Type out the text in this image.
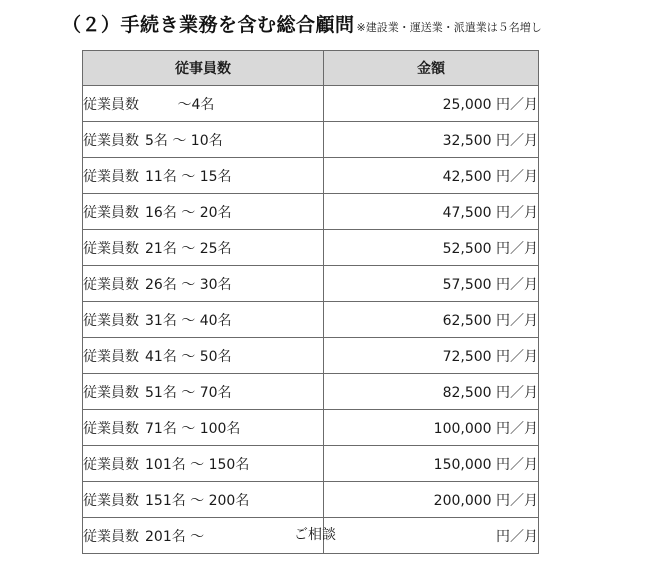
（２）手続き業務を含む総合顧問 ※建設業・運送業・派遣業は５名増し
従事員数	金額
従業員数　　 ～4名	25,000 円／月
従業員数 5名 ～ 10名	32,500 円／月
従業員数 11名 ～ 15名	42,500 円／月
従業員数 16名 ～ 20名	47,500 円／月
従業員数 21名 ～ 25名	52,500 円／月
従業員数 26名 ～ 30名	57,500 円／月
従業員数 31名 ～ 40名	62,500 円／月
従業員数 41名 ～ 50名	72,500 円／月
従業員数 51名 ～ 70名	82,500 円／月
従業員数 71名 ～ 100名	100,000 円／月
従業員数 101名 ～ 150名	150,000 円／月
従業員数 151名 ～ 200名	200,000 円／月
従業員数 201名 ～ ご相談	円／月
